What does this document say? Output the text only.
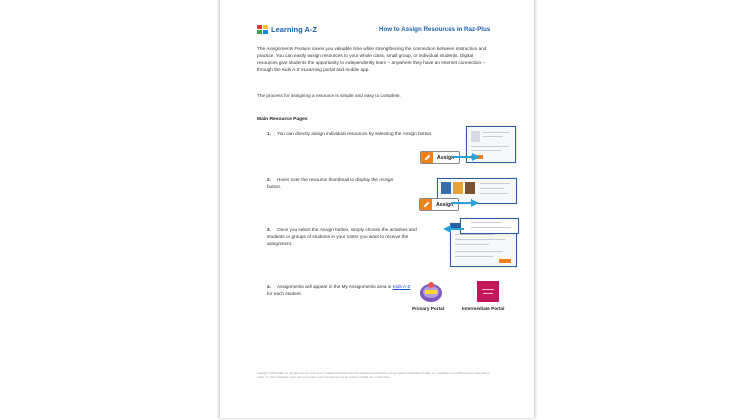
Learning A-Z	How to Assign Resources in Raz-Plus
The Assignments Feature saves you valuable time while strengthening the connection between instruction and practice. You can easily assign resources to your whole class, small group, or individual students. Digital resources give students the opportunity to independently learn – anywhere they have an Internet connection – through the Kids A-Z eLearning portal and mobile app.
The process for assigning a resource is simple and easy to complete.
Main Resource Pages
1. You can directly assign individual resources by selecting the Assign button.
Assign
2. Hover over the resource thumbnail to display the Assign button.
Assign
3. Once you select the Assign button, simply choose the activities and students or groups of students in your roster you want to receive the assignment.
4. Assignments will appear in the My Assignments area in Kids A-Z for each student.
Primary Portal	Intermediate Portal
Copyright © 2025 LAZEL, Inc. All rights reserved. Learning A-Z, Headsprout, Raz-Kids, Raz-Plus, Reading A-Z and Science A-Z are registered trademarks of LAZEL, Inc. Vocabulary A-Z and Writing A-Z are trademarks of LAZEL, Inc. Other trademarks, logos, and service marks used in this document are the property of LAZEL, Inc. or third parties.
